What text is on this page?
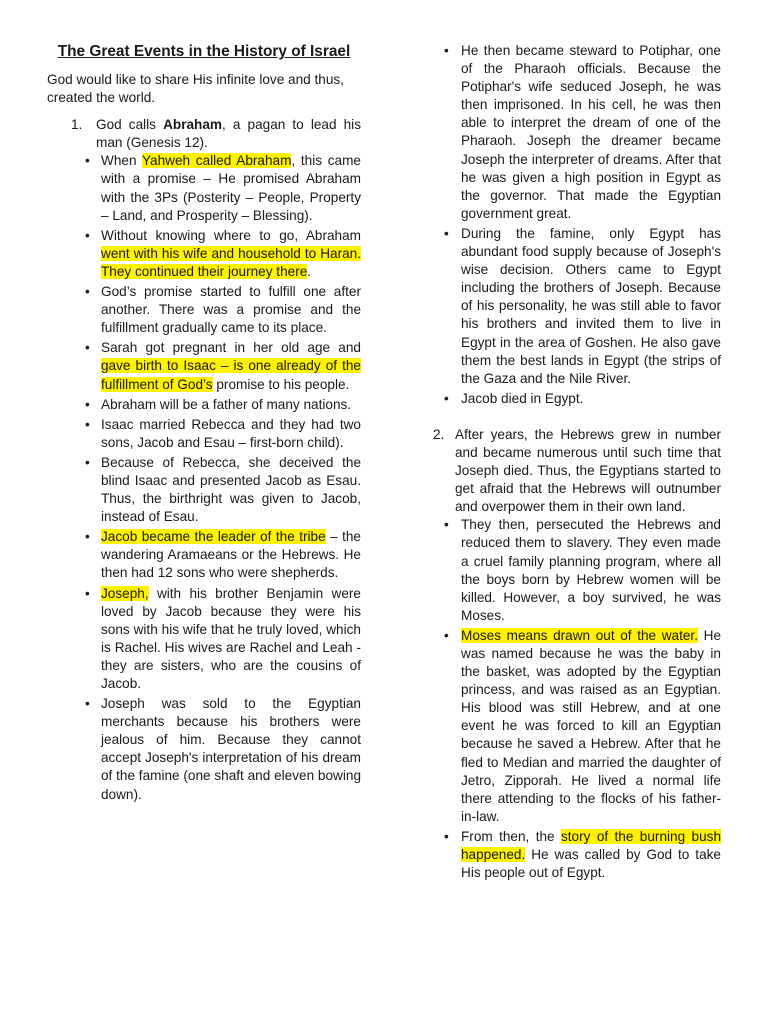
The Great Events in the History of Israel
God would like to share His infinite love and thus, created the world.
1.	God calls Abraham, a pagan to lead his man (Genesis 12).
• When Yahweh called Abraham, this came with a promise – He promised Abraham with the 3Ps (Posterity – People, Property – Land, and Prosperity – Blessing).
• Without knowing where to go, Abraham went with his wife and household to Haran. They continued their journey there.
• God’s promise started to fulfill one after another. There was a promise and the fulfillment gradually came to its place.
• Sarah got pregnant in her old age and gave birth to Isaac – is one already of the fulfillment of God’s promise to his people.
• Abraham will be a father of many nations.
• Isaac married Rebecca and they had two sons, Jacob and Esau – first-born child).
• Because of Rebecca, she deceived the blind Isaac and presented Jacob as Esau. Thus, the birthright was given to Jacob, instead of Esau.
• Jacob became the leader of the tribe – the wandering Aramaeans or the Hebrews. He then had 12 sons who were shepherds.
• Joseph, with his brother Benjamin were loved by Jacob because they were his sons with his wife that he truly loved, which is Rachel. His wives are Rachel and Leah - they are sisters, who are the cousins of Jacob.
• Joseph was sold to the Egyptian merchants because his brothers were jealous of him. Because they cannot accept Joseph's interpretation of his dream of the famine (one shaft and eleven bowing down).
• He then became steward to Potiphar, one of the Pharaoh officials. Because the Potiphar's wife seduced Joseph, he was then imprisoned. In his cell, he was then able to interpret the dream of one of the Pharaoh. Joseph the dreamer became Joseph the interpreter of dreams. After that he was given a high position in Egypt as the governor. That made the Egyptian government great.
• During the famine, only Egypt has abundant food supply because of Joseph's wise decision. Others came to Egypt including the brothers of Joseph. Because of his personality, he was still able to favor his brothers and invited them to live in Egypt in the area of Goshen. He also gave them the best lands in Egypt (the strips of the Gaza and the Nile River.
• Jacob died in Egypt.
2. After years, the Hebrews grew in number and became numerous until such time that Joseph died. Thus, the Egyptians started to get afraid that the Hebrews will outnumber and overpower them in their own land.
• They then, persecuted the Hebrews and reduced them to slavery. They even made a cruel family planning program, where all the boys born by Hebrew women will be killed. However, a boy survived, he was Moses.
• Moses means drawn out of the water. He was named because he was the baby in the basket, was adopted by the Egyptian princess, and was raised as an Egyptian. His blood was still Hebrew, and at one event he was forced to kill an Egyptian because he saved a Hebrew. After that he fled to Median and married the daughter of Jetro, Zipporah. He lived a normal life there attending to the flocks of his father-in-law.
• From then, the story of the burning bush happened. He was called by God to take His people out of Egypt.
